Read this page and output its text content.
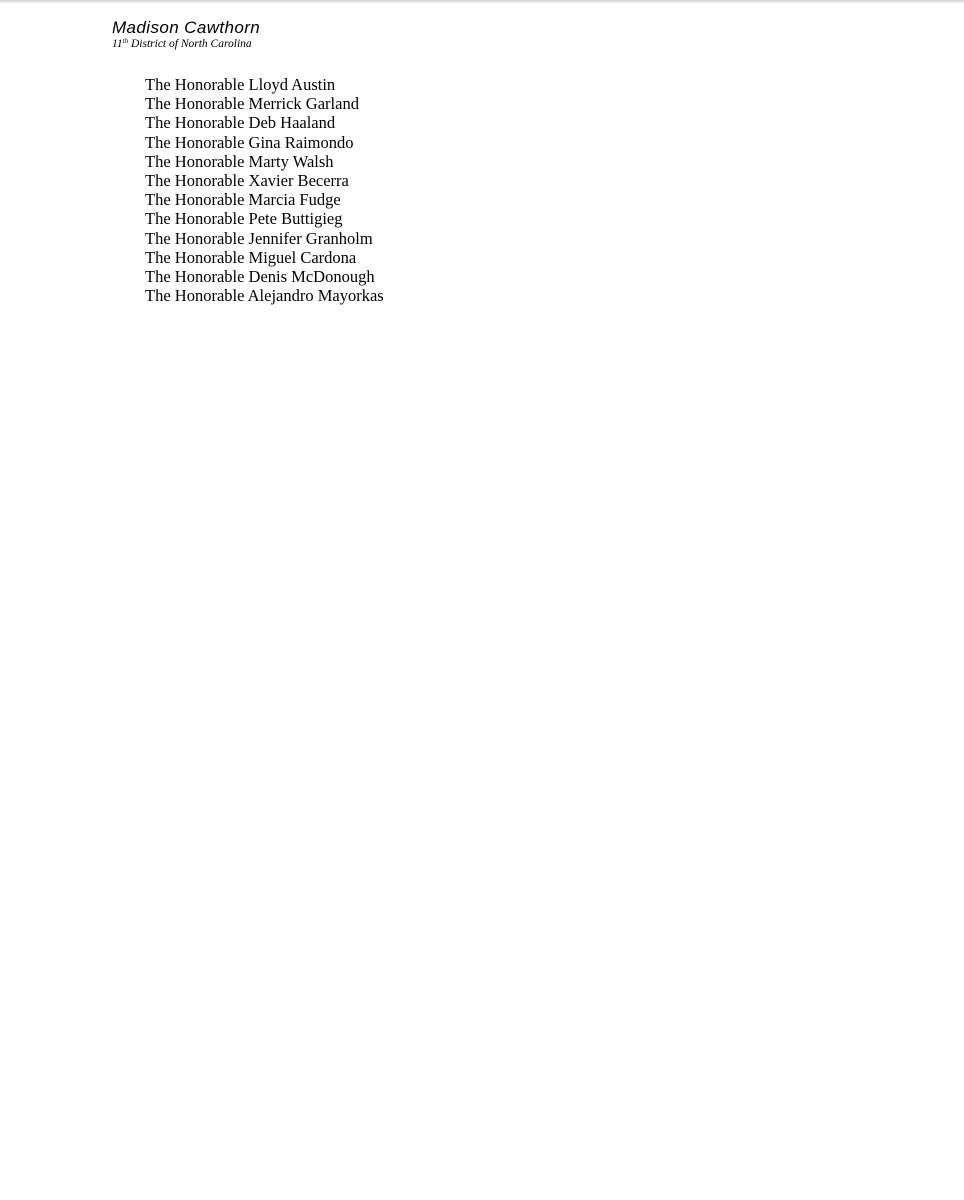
Madison Cawthorn
11th District of North Carolina
The Honorable Lloyd Austin
The Honorable Merrick Garland
The Honorable Deb Haaland
The Honorable Gina Raimondo
The Honorable Marty Walsh
The Honorable Xavier Becerra
The Honorable Marcia Fudge
The Honorable Pete Buttigieg
The Honorable Jennifer Granholm
The Honorable Miguel Cardona
The Honorable Denis McDonough
The Honorable Alejandro Mayorkas
